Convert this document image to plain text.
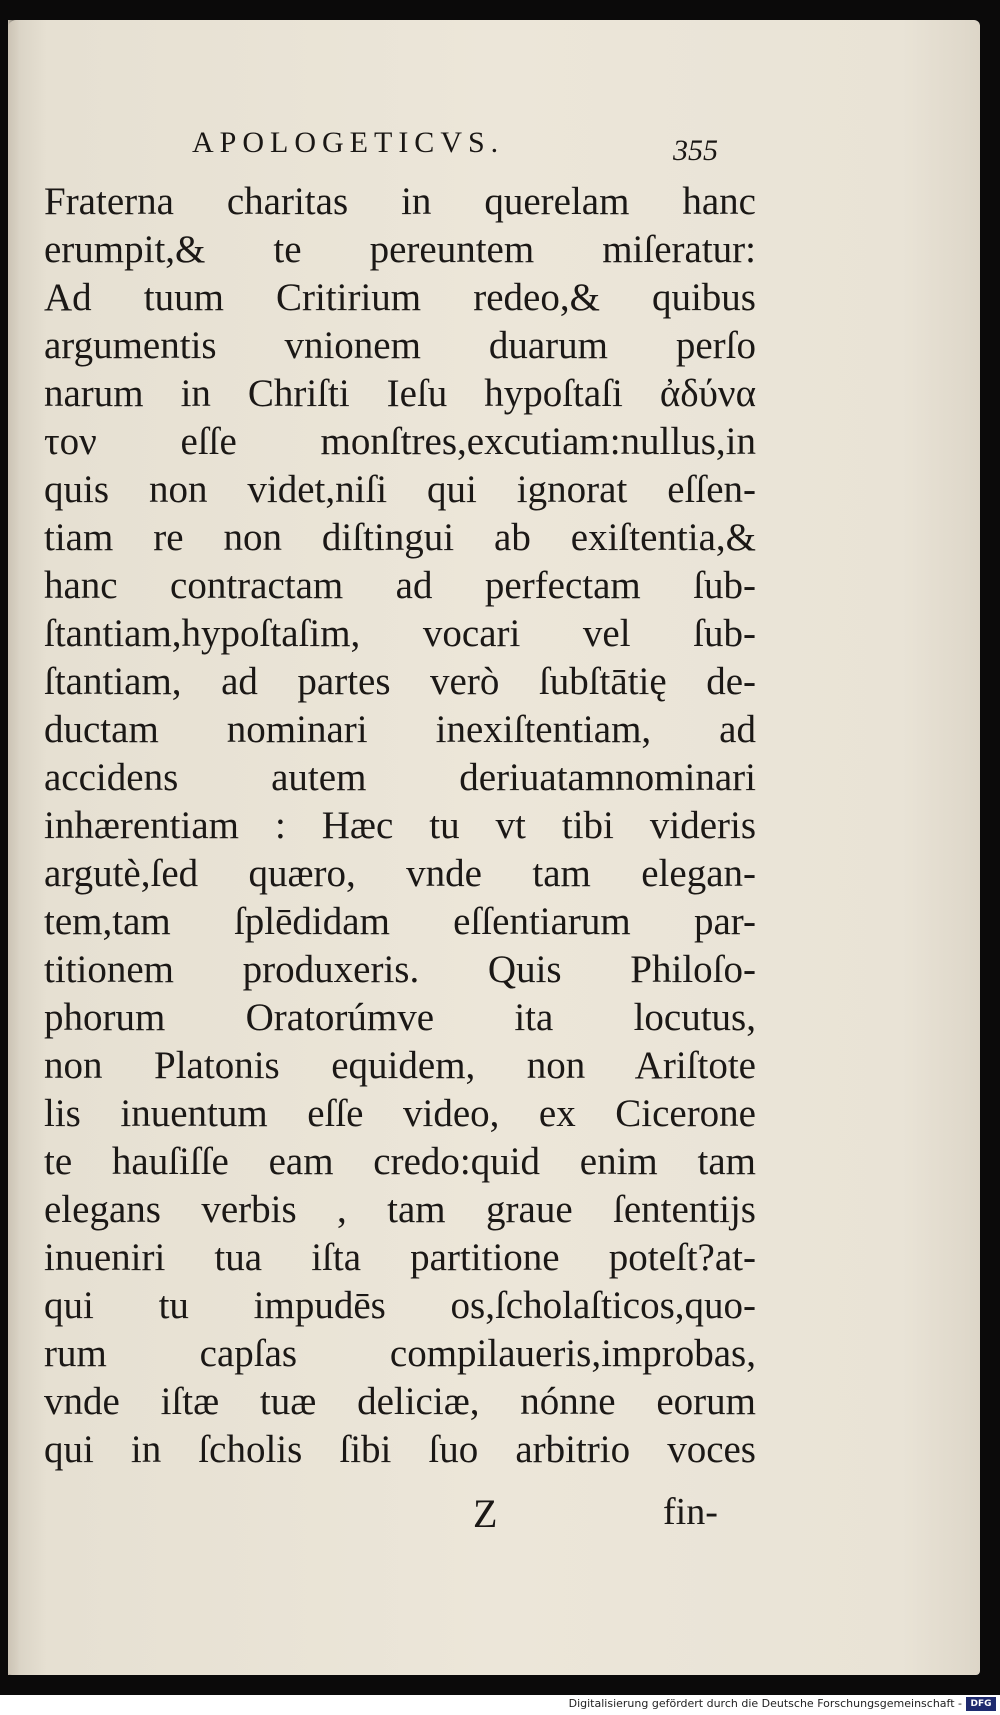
APOLOGETICVS.	355
Fraterna charitas in querelam hanc
erumpit,& te pereuntem miſeratur:
Ad tuum Critirium redeo,& quibus
argumentis vnionem duarum perſo
narum in Chriſti Ieſu hypoſtaſi ἀδύνα
τον eſſe monſtres,excutiam:nullus,in
quis non videt,niſi qui ignorat eſſen-
tiam re non diſtingui ab exiſtentia,&
hanc contractam ad perfectam ſub-
ſtantiam,hypoſtaſim, vocari vel ſub-
ſtantiam, ad partes verò ſubſtātię de-
ductam nominari inexiſtentiam, ad
accidens autem deriuatamnominari
inhærentiam : Hæc tu vt tibi videris
argutè,ſed quæro, vnde tam elegan-
tem,tam ſplēdidam eſſentiarum par-
titionem produxeris. Quis Philoſo-
phorum Oratorúmve ita locutus,
non Platonis equidem, non Ariſtote
lis inuentum eſſe video, ex Cicerone
te hauſiſſe eam credo:quid enim tam
elegans verbis , tam graue ſententijs
inueniri tua iſta partitione poteſt?at-
qui tu impudēs os,ſcholaſticos,quo-
rum capſas compilaueris,improbas,
vnde iſtæ tuæ deliciæ, nónne eorum
qui in ſcholis ſibi ſuo arbitrio voces
Z	fin-
Digitalisierung gefördert durch die Deutsche Forschungsgemeinschaft - DFG
